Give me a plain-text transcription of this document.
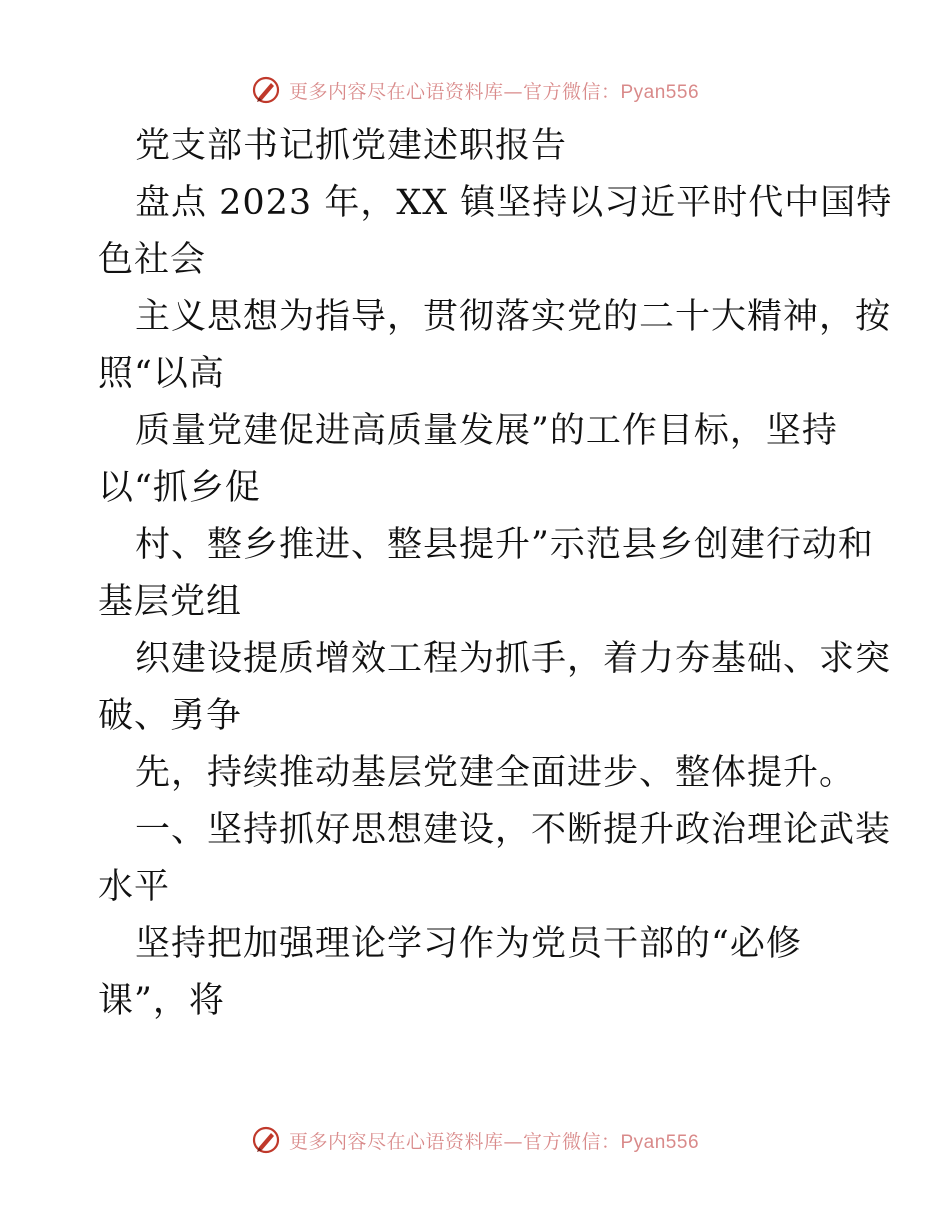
更多内容尽在心语资料库—官方微信：Pyan556
党支部书记抓党建述职报告
盘点 2023 年，XX 镇坚持以习近平时代中国特
色社会
主义思想为指导，贯彻落实党的二十大精神，按
照“以高
质量党建促进高质量发展”的工作目标，坚持
以“抓乡促
村、整乡推进、整县提升”示范县乡创建行动和
基层党组
织建设提质增效工程为抓手，着力夯基础、求突
破、勇争
先，持续推动基层党建全面进步、整体提升。
一、坚持抓好思想建设，不断提升政治理论武装
水平
坚持把加强理论学习作为党员干部的“必修
课”，将
更多内容尽在心语资料库—官方微信：Pyan556
